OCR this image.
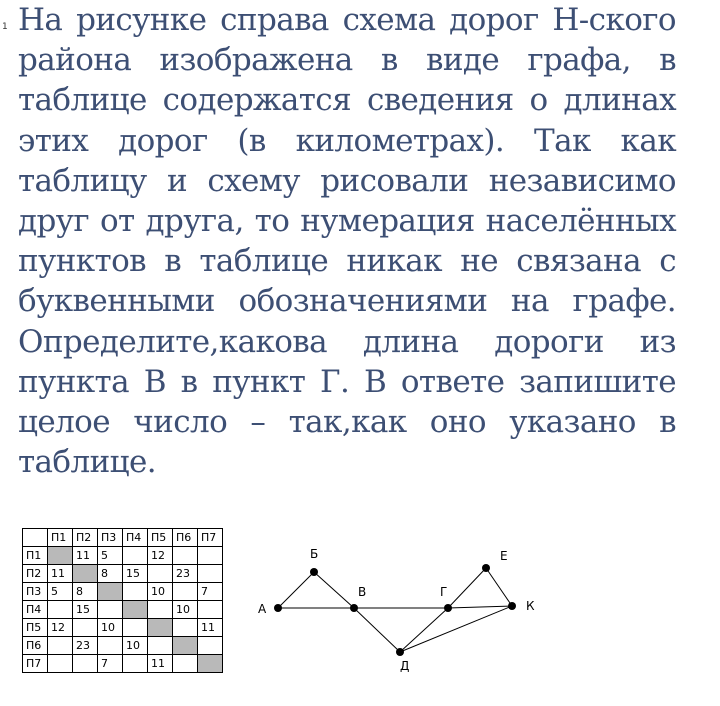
1 На рисунке справа схема дорог Н-ского района изображена в виде графа, в таблице содержатся сведения о длинах этих дорог (в километрах). Так как таблицу и схему рисовали независимо друг от друга, то нумерация населённых пунктов в таблице никак не связана с буквенными обозначениями на графе. Определите,какова длина дороги из пункта В в пункт Г. В ответе запишите целое число – так,как оно указано в таблице.

	П1	П2	П3	П4	П5	П6	П7
П1		11	5		12		
П2	11		8	15		23	
П3	5	8			10		7
П4		15				10	
П5	12		10				11
П6		23		10			
П7			7		11		
А
Б
В	Г
Д
Е
К
